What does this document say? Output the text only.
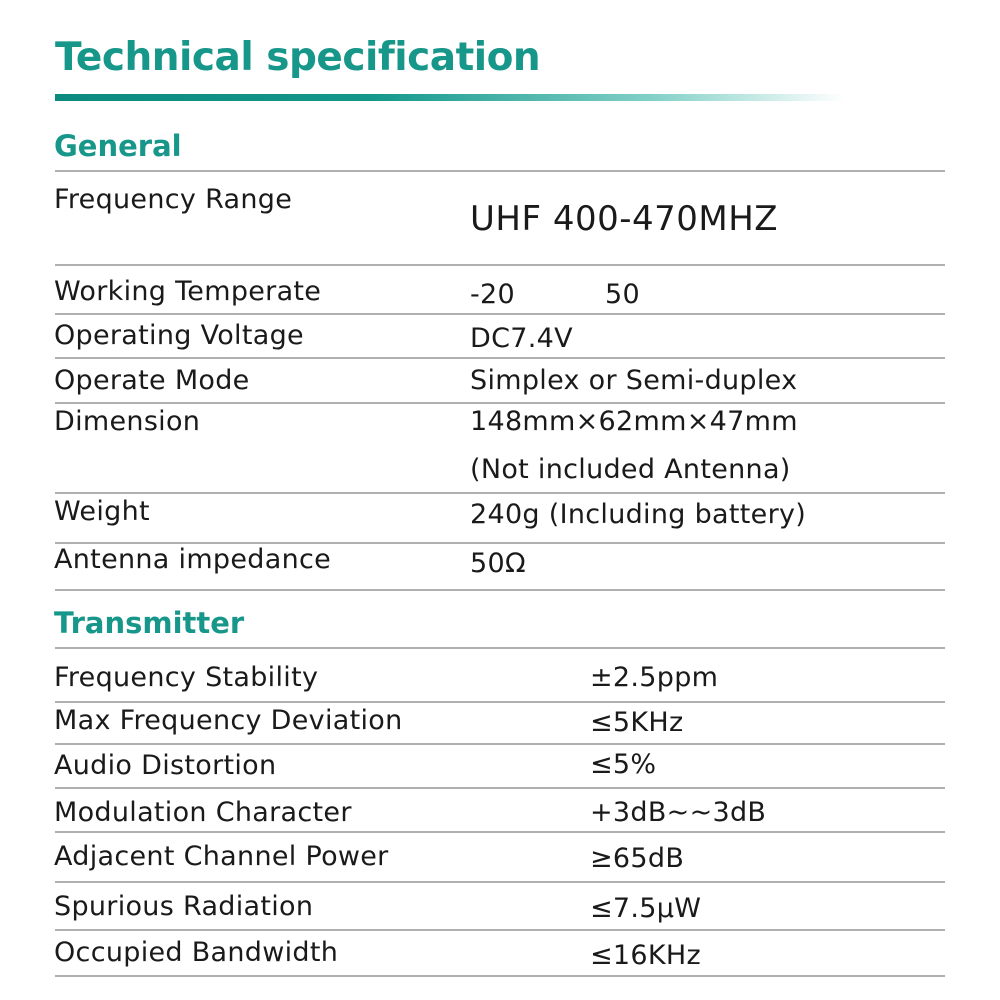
Technical specification
General
Frequency Range	UHF 400-470MHZ
Working Temperate	-20	50
Operating Voltage	DC7.4V
Operate Mode	Simplex or Semi-duplex
Dimension	148mm×62mm×47mm
(Not included Antenna)
Weight	240g (Including battery)
Antenna impedance	50Ω
Transmitter
Frequency Stability	±2.5ppm
Max Frequency Deviation	≤5KHz
Audio Distortion	≤5%
Modulation Character	+3dB~~3dB
Adjacent Channel Power	≥65dB
Spurious Radiation	≤7.5μW
Occupied Bandwidth	≤16KHz
